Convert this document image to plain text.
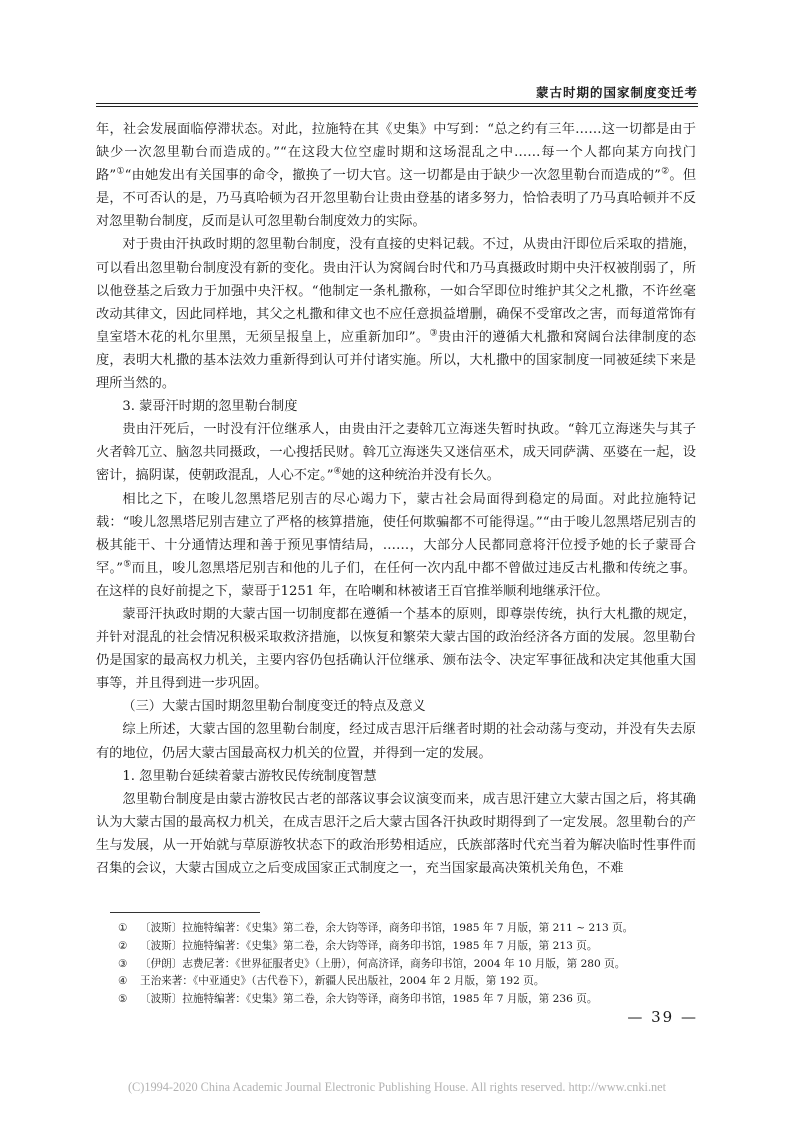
蒙古时期的国家制度变迁考

年，社会发展面临停滞状态。对此，拉施特在其《史集》中写到：“总之约有三年……这一切都是由于缺少一次忽里勒台而造成的。”“在这段大位空虚时期和这场混乱之中……每一个人都向某方向找门路”①“由她发出有关国事的命令，撤换了一切大官。这一切都是由于缺少一次忽里勒台而造成的”②。但是，不可否认的是，乃马真哈顿为召开忽里勒台让贵由登基的诸多努力，恰恰表明了乃马真哈顿并不反对忽里勒台制度，反而是认可忽里勒台制度效力的实际。

对于贵由汗执政时期的忽里勒台制度，没有直接的史料记载。不过，从贵由汗即位后采取的措施，可以看出忽里勒台制度没有新的变化。贵由汗认为窝阔台时代和乃马真摄政时期中央汗权被削弱了，所以他登基之后致力于加强中央汗权。“他制定一条札撒称，一如合罕即位时维护其父之札撒，不许丝毫改动其律文，因此同样地，其父之札撒和律文也不应任意损益增删，确保不受窜改之害，而每道常饰有皇室塔木花的札尔里黑，无须呈报皇上，应重新加印”。③贵由汗的遵循大札撒和窝阔台法律制度的态度，表明大札撒的基本法效力重新得到认可并付诸实施。所以，大札撒中的国家制度一同被延续下来是理所当然的。

3. 蒙哥汗时期的忽里勒台制度

贵由汗死后，一时没有汗位继承人，由贵由汗之妻斡兀立海迷失暂时执政。“斡兀立海迷失与其子火者斡兀立、脑忽共同摄政，一心搜括民财。斡兀立海迷失又迷信巫术，成天同萨满、巫婆在一起，设密计，搞阴谋，使朝政混乱，人心不定。”④她的这种统治并没有长久。

相比之下，在唆儿忽黑塔尼别吉的尽心竭力下，蒙古社会局面得到稳定的局面。对此拉施特记载：“唆儿忽黑塔尼别吉建立了严格的核算措施，使任何欺骗都不可能得逞。”“由于唆儿忽黑塔尼别吉的极其能干、十分通情达理和善于预见事情结局，……，大部分人民都同意将汗位授予她的长子蒙哥合罕。”⑤而且，唆儿忽黑塔尼别吉和他的儿子们，在任何一次内乱中都不曾做过违反古札撒和传统之事。在这样的良好前提之下，蒙哥于1251 年，在哈喇和林被诸王百官推举顺利地继承汗位。

蒙哥汗执政时期的大蒙古国一切制度都在遵循一个基本的原则，即尊崇传统，执行大札撒的规定，并针对混乱的社会情况积极采取救济措施，以恢复和繁荣大蒙古国的政治经济各方面的发展。忽里勒台仍是国家的最高权力机关，主要内容仍包括确认汗位继承、颁布法令、决定军事征战和决定其他重大国事等，并且得到进一步巩固。

（三）大蒙古国时期忽里勒台制度变迁的特点及意义

综上所述，大蒙古国的忽里勒台制度，经过成吉思汗后继者时期的社会动荡与变动，并没有失去原有的地位，仍居大蒙古国最高权力机关的位置，并得到一定的发展。

1. 忽里勒台延续着蒙古游牧民传统制度智慧

忽里勒台制度是由蒙古游牧民古老的部落议事会议演变而来，成吉思汗建立大蒙古国之后，将其确认为大蒙古国的最高权力机关，在成吉思汗之后大蒙古国各汗执政时期得到了一定发展。忽里勒台的产生与发展，从一开始就与草原游牧状态下的政治形势相适应，氏族部落时代充当着为解决临时性事件而召集的会议，大蒙古国成立之后变成国家正式制度之一，充当国家最高决策机关角色，不难

①	〔波斯〕拉施特编著：《史集》第二卷，余大钧等译，商务印书馆，1985 年 7 月版，第 211 ~ 213 页。
②	〔波斯〕拉施特编著：《史集》第二卷，余大钧等译，商务印书馆，1985 年 7 月版，第 213 页。
③	〔伊朗〕志费尼著：《世界征服者史》（上册），何高济译，商务印书馆，2004 年 10 月版，第 280 页。
④	王治来著：《中亚通史》（古代卷下），新疆人民出版社，2004 年 2 月版，第 192 页。
⑤	〔波斯〕拉施特编著：《史集》第二卷，余大钧等译，商务印书馆，1985 年 7 月版，第 236 页。
— 39 —
(C)1994-2020 China Academic Journal Electronic Publishing House. All rights reserved. http://www.cnki.net
